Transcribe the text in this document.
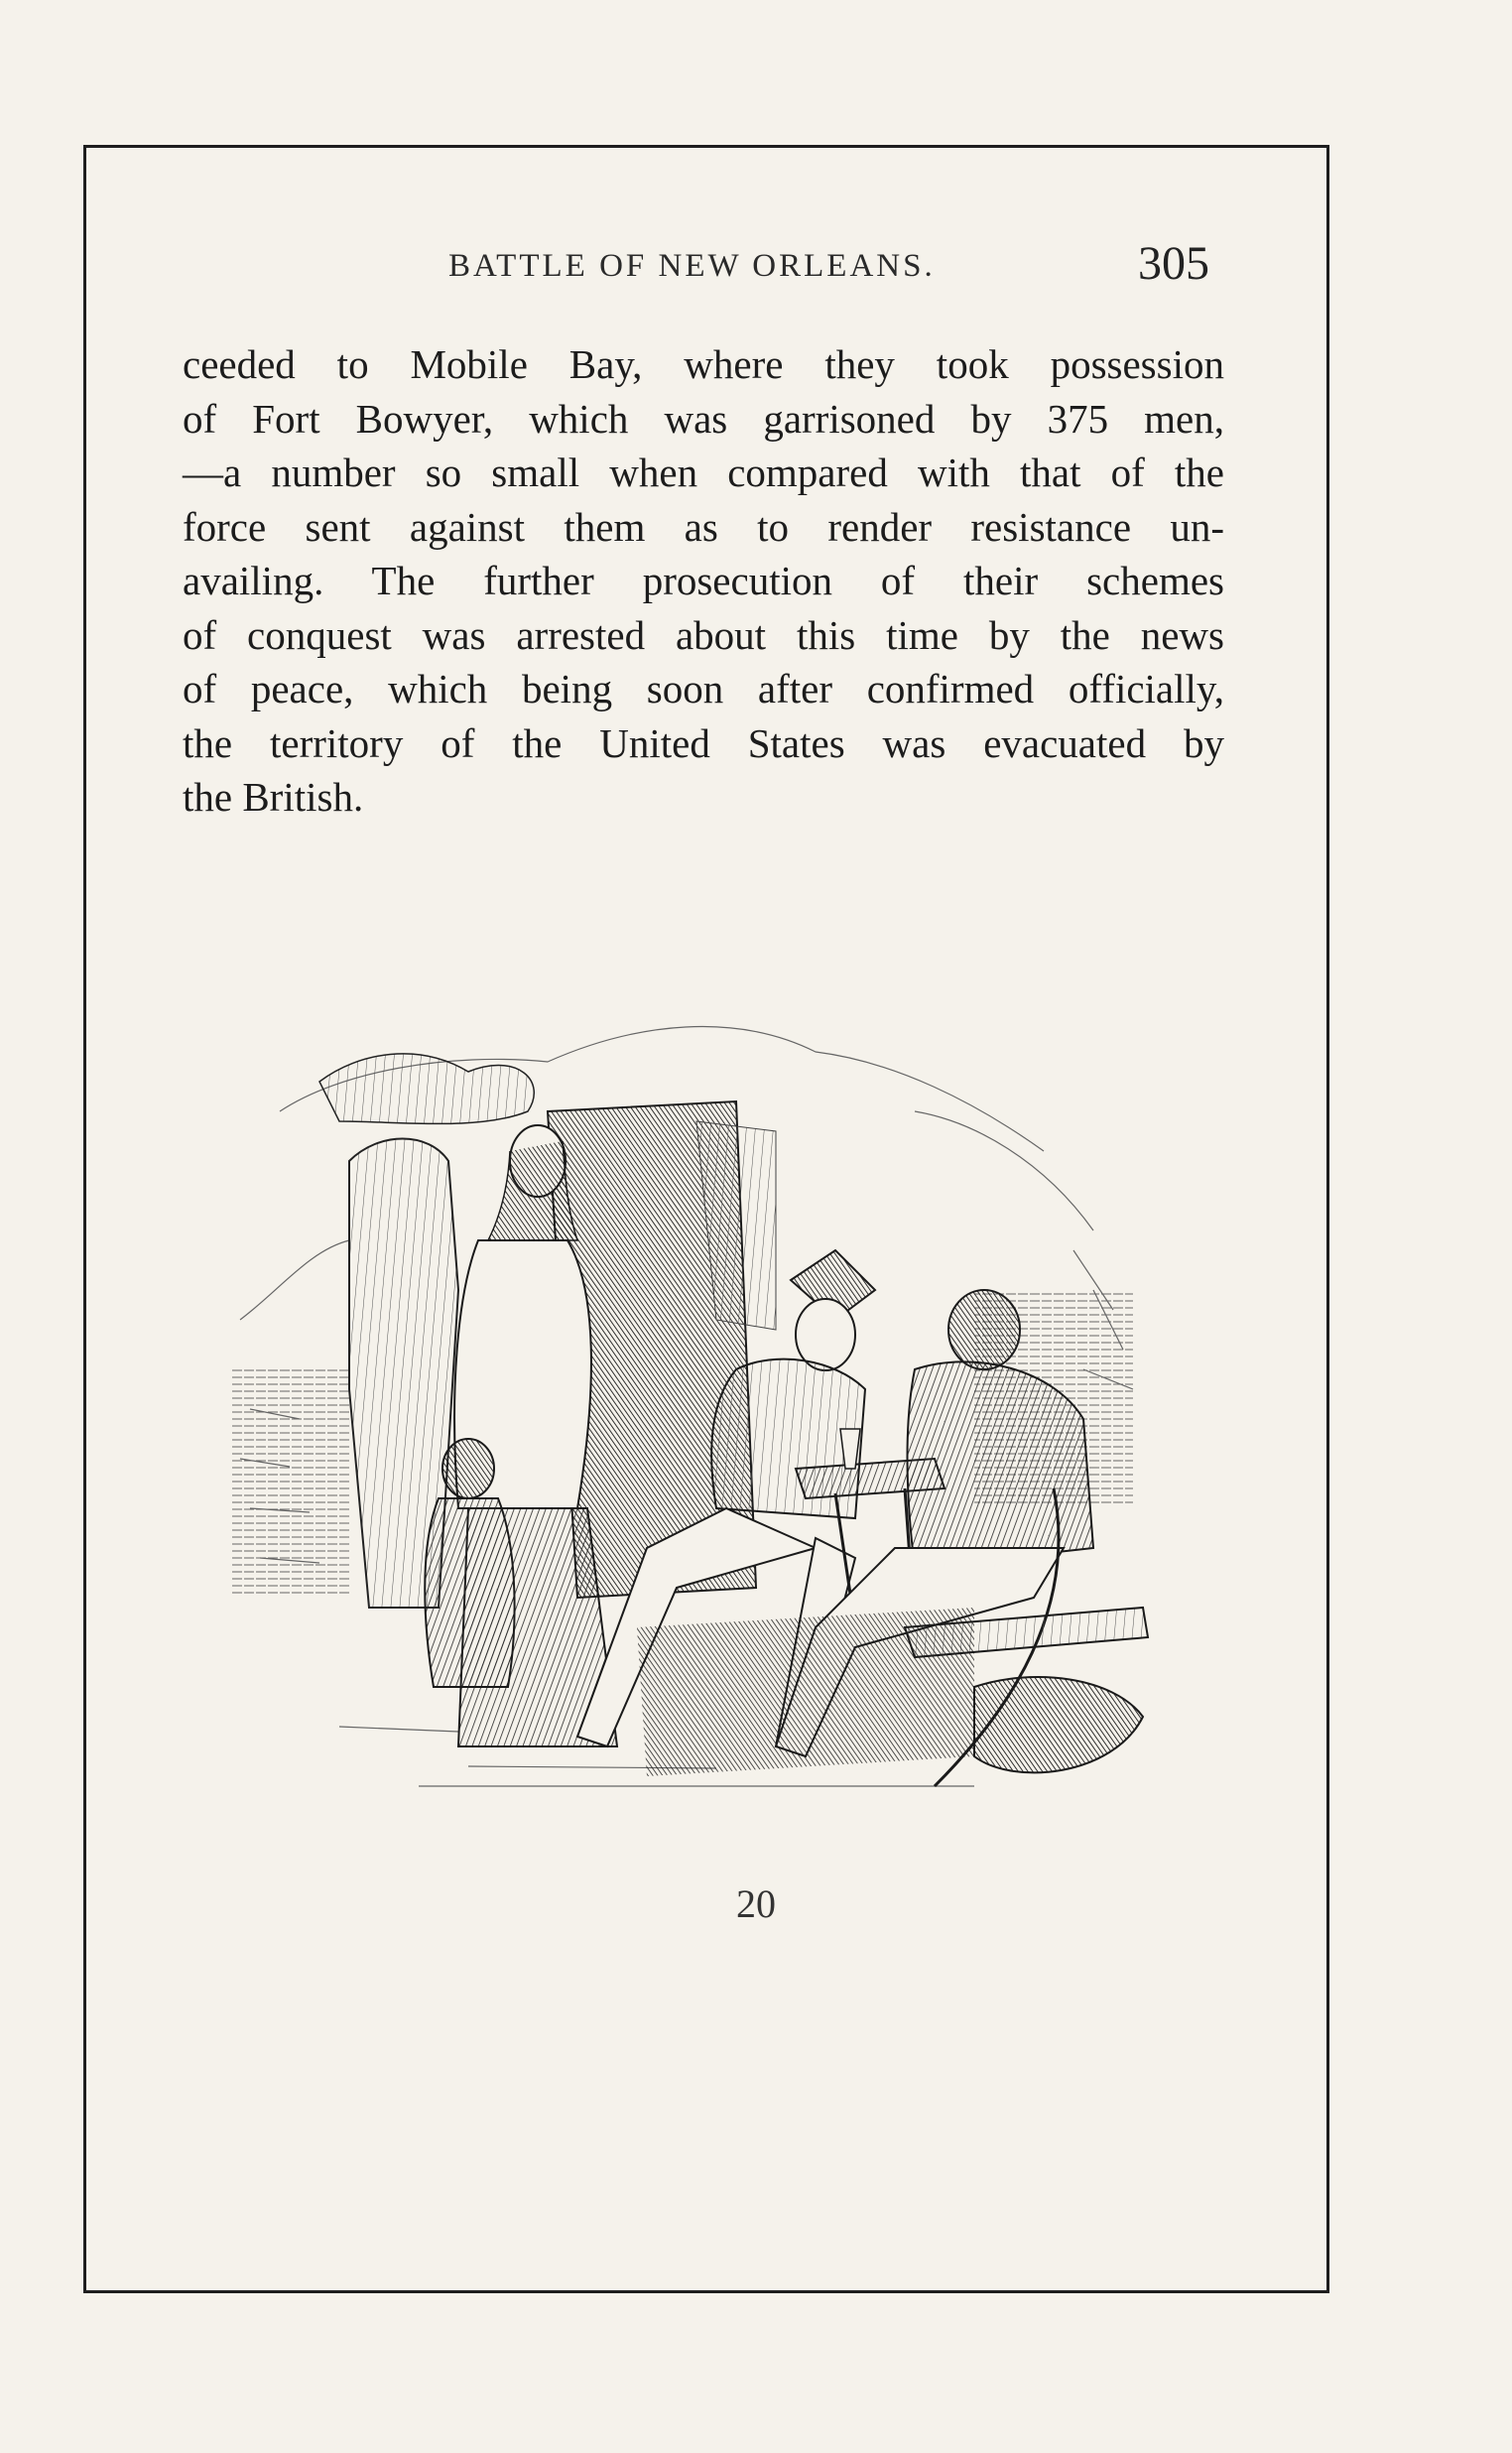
BATTLE OF NEW ORLEANS.	305
ceeded to Mobile Bay, where they took possession
of Fort Bowyer, which was garrisoned by 375 men,
—a number so small when compared with that of the
force sent against them as to render resistance un-
availing. The further prosecution of their schemes
of conquest was arrested about this time by the news
of peace, which being soon after confirmed officially,
the territory of the United States was evacuated by
the British.
20
